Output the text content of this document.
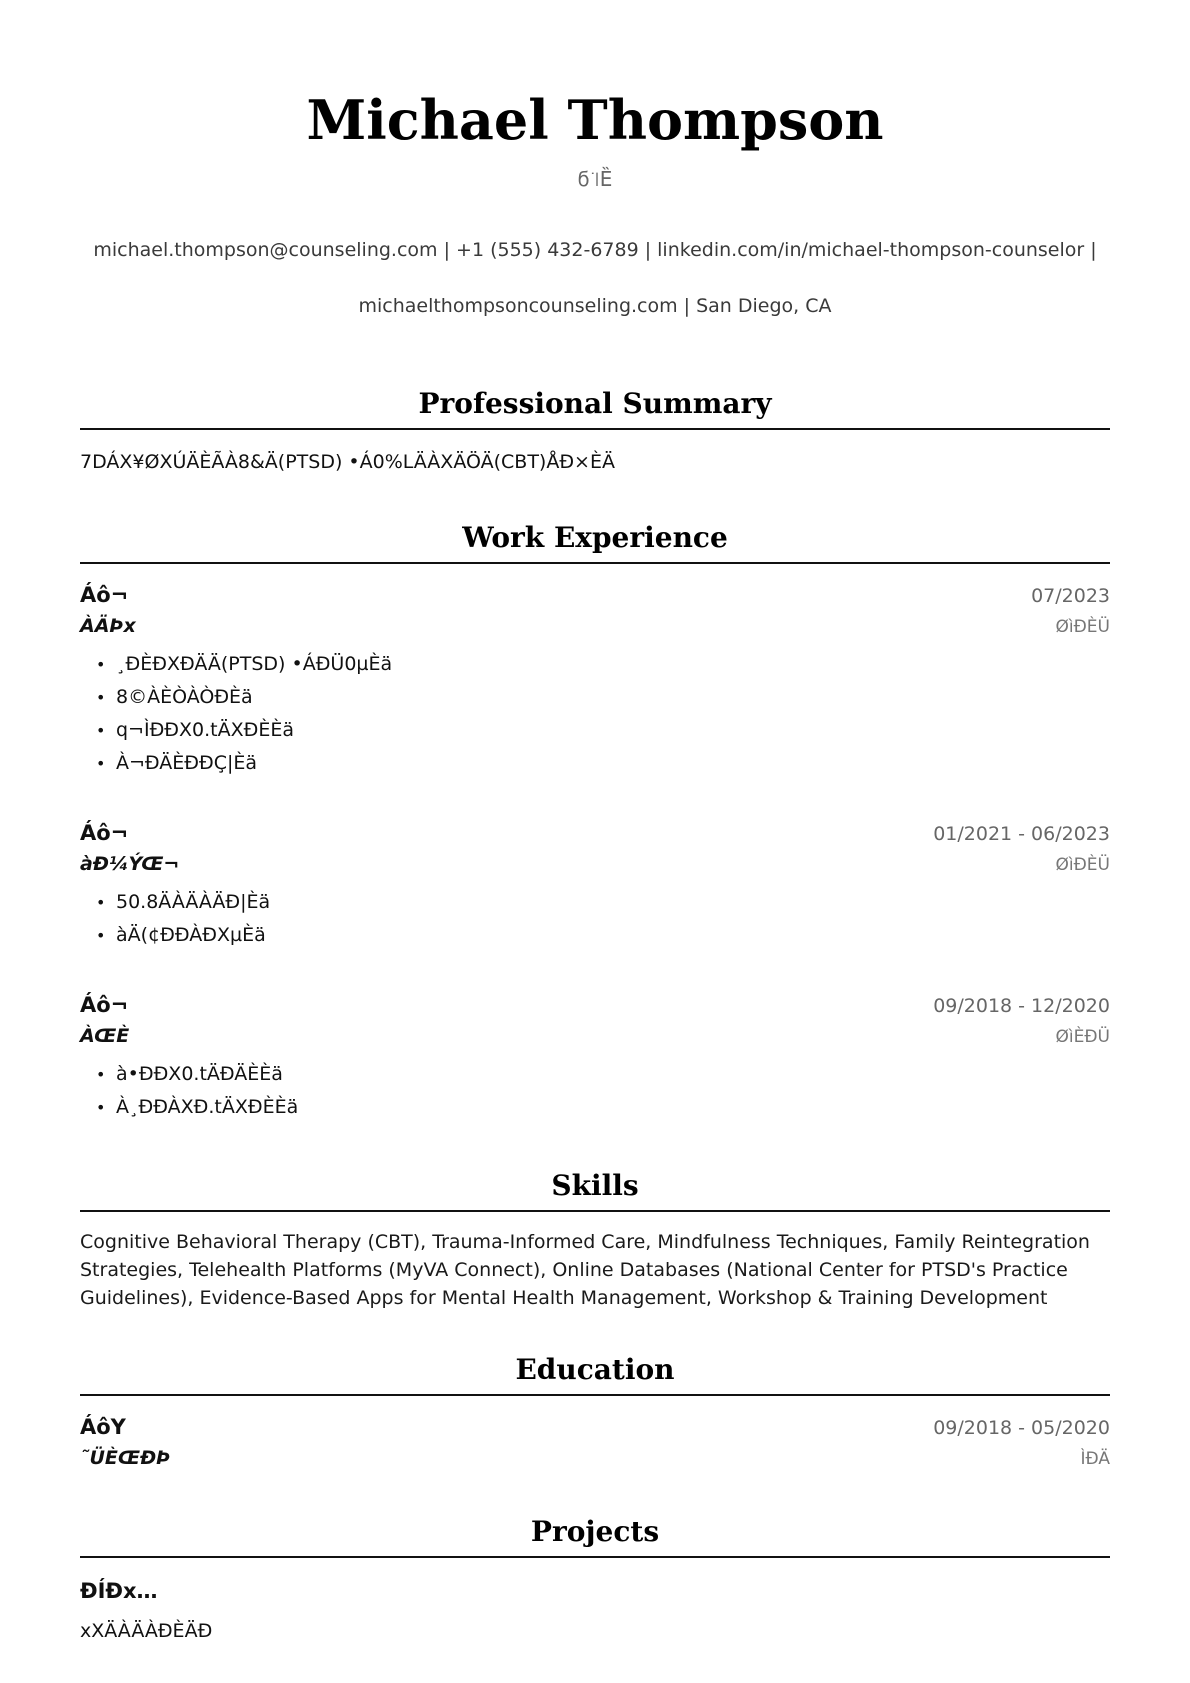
Michael Thompson
ϭ꜈Ȅ

michael.thompson@counseling.com | +1 (555) 432-6789 | linkedin.com/in/michael-thompson-counselor |

michaelthompsoncounseling.com | San Diego, CA

Professional Summary
7DÁX¥ØXÚÄÈÃÀ8&Ä(PTSD) •Á0%LÄÀXÄÖÄ(CBT)ÅÐ×ÈÄ
Work Experience
Áô¬	07/2023
ÀÄÞx	ØìÐÈÜ
• ¸ÐÈÐXÐÄÄ(PTSD) •ÁÐÜ0µÈä
• 8©ÀÈÒÀÒÐÈä
• q¬ÌÐÐX0.tÄXÐÈÈä
• À¬ÐÄÈÐÐÇ|Èä
Áô¬	01/2021 - 06/2023
àÐ¼ÝŒ¬	ØìÐÈÜ
• 50.8ÄÀÄÀÄÐ|Èä
• àÄ(¢ÐÐÀÐXµÈä
Áô¬	09/2018 - 12/2020
ÀŒÈ	ØìÈÐÜ
• à•ÐÐX0.tÄÐÄÈÈä
• À¸ÐÐÀXÐ.tÄXÐÈÈä
Skills
Cognitive Behavioral Therapy (CBT), Trauma-Informed Care, Mindfulness Techniques, Family Reintegration Strategies, Telehealth Platforms (MyVA Connect), Online Databases (National Center for PTSD's Practice Guidelines), Evidence-Based Apps for Mental Health Management, Workshop & Training Development
Education
ÁôY	09/2018 - 05/2020
˜ÜÈŒÐÞ	ÌÐÄ
Projects
ÐÍÐx…
xXÄÀÄÀÐÈÄÐ
